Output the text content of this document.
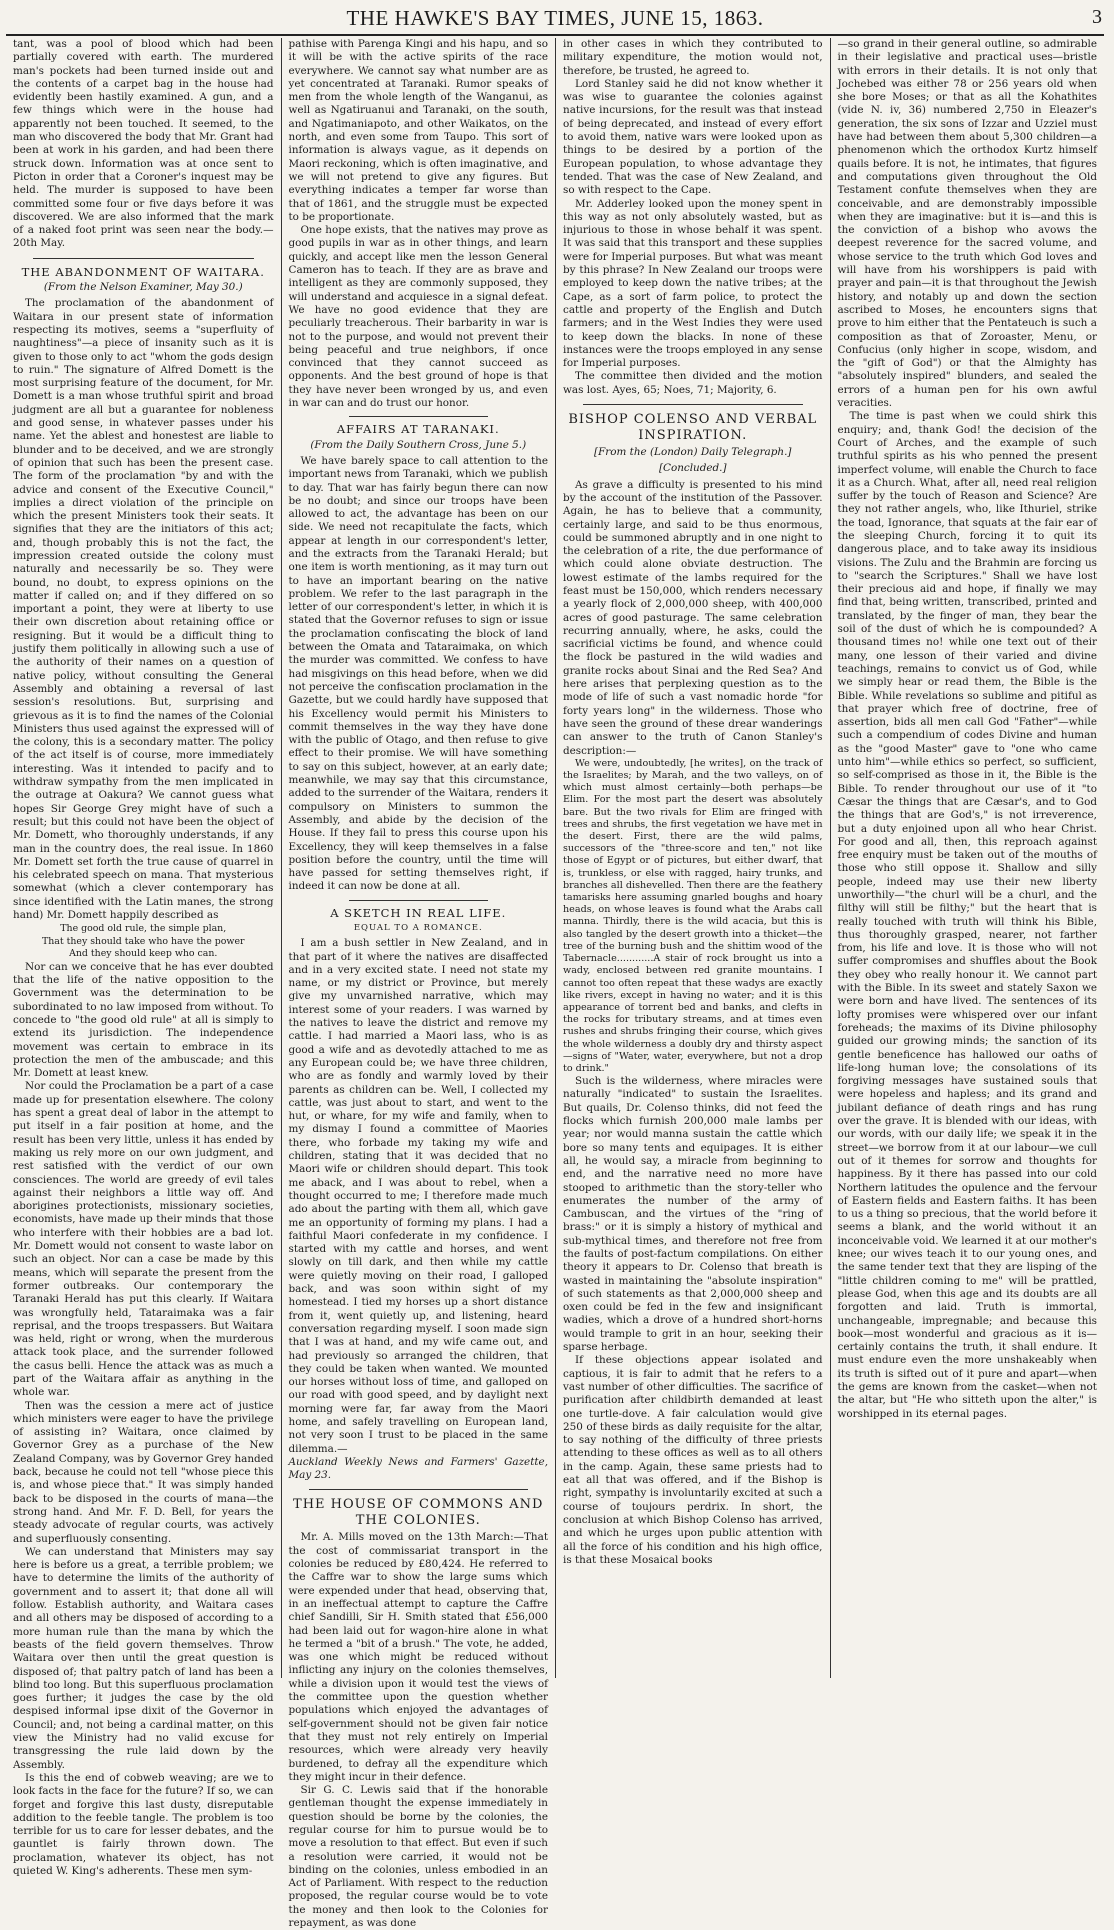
THE HAWKE'S BAY TIMES, JUNE 15, 1863.	3

tant, was a pool of blood which had been partially covered with earth. The murdered man's pockets had been turned inside out and the contents of a carpet bag in the house had evidently been hastily examined. A gun, and a few things which were in the house had apparently not been touched. It seemed, to the man who discovered the body that Mr. Grant had been at work in his garden, and had been there struck down. Information was at once sent to Picton in order that a Coroner's inquest may be held. The murder is supposed to have been committed some four or five days before it was discovered. We are also informed that the mark of a naked foot print was seen near the body.—20th May.

THE ABANDONMENT OF WAITARA.
(From the Nelson Examiner, May 30.)

The proclamation of the abandonment of Waitara in our present state of information respecting its motives, seems a "superfluity of naughtiness"—a piece of insanity such as it is given to those only to act "whom the gods design to ruin." The signature of Alfred Domett is the most surprising feature of the document, for Mr. Domett is a man whose truthful spirit and broad judgment are all but a guarantee for nobleness and good sense, in whatever passes under his name. Yet the ablest and honestest are liable to blunder and to be deceived, and we are strongly of opinion that such has been the present case. The form of the proclamation "by and with the advice and consent of the Executive Council," implies a direct violation of the principle on which the present Ministers took their seats. It signifies that they are the initiators of this act; and, though probably this is not the fact, the impression created outside the colony must naturally and necessarily be so. They were bound, no doubt, to express opinions on the matter if called on; and if they differed on so important a point, they were at liberty to use their own discretion about retaining office or resigning. But it would be a difficult thing to justify them politically in allowing such a use of the authority of their names on a question of native policy, without consulting the General Assembly and obtaining a reversal of last session's resolutions. But, surprising and grievous as it is to find the names of the Colonial Ministers thus used against the expressed will of the colony, this is a secondary matter. The policy of the act itself is of course, more immediately interesting. Was it intended to pacify and to withdraw sympathy from the men implicated in the outrage at Oakura? We cannot guess what hopes Sir George Grey might have of such a result; but this could not have been the object of Mr. Domett, who thoroughly understands, if any man in the country does, the real issue. In 1860 Mr. Domett set forth the true cause of quarrel in his celebrated speech on mana. That mysterious somewhat (which a clever contemporary has since identified with the Latin manes, the strong hand) Mr. Domett happily described as

The good old rule, the simple plan,
That they should take who have the power
And they should keep who can.

Nor can we conceive that he has ever doubted that the life of the native opposition to the Government was the determination to be subordinated to no law imposed from without. To concede to "the good old rule" at all is simply to extend its jurisdiction. The independence movement was certain to embrace in its protection the men of the ambuscade; and this Mr. Domett at least knew.

Nor could the Proclamation be a part of a case made up for presentation elsewhere. The colony has spent a great deal of labor in the attempt to put itself in a fair position at home, and the result has been very little, unless it has ended by making us rely more on our own judgment, and rest satisfied with the verdict of our own consciences. The world are greedy of evil tales against their neighbors a little way off. And aborigines protectionists, missionary societies, economists, have made up their minds that those who interfere with their hobbies are a bad lot. Mr. Domett would not consent to waste labor on such an object. Nor can a case be made by this means, which will separate the present from the former outbreaks. Our contemporary the Taranaki Herald has put this clearly. If Waitara was wrongfully held, Tataraimaka was a fair reprisal, and the troops trespassers. But Waitara was held, right or wrong, when the murderous attack took place, and the surrender followed the casus belli. Hence the attack was as much a part of the Waitara affair as anything in the whole war.

Then was the cession a mere act of justice which ministers were eager to have the privilege of assisting in? Waitara, once claimed by Governor Grey as a purchase of the New Zealand Company, was by Governor Grey handed back, because he could not tell "whose piece this is, and whose piece that." It was simply handed back to be disposed in the courts of mana—the strong hand. And Mr. F. D. Bell, for years the steady advocate of regular courts, was actively and superfluously consenting.

We can understand that Ministers may say here is before us a great, a terrible problem; we have to determine the limits of the authority of government and to assert it; that done all will follow. Establish authority, and Waitara cases and all others may be disposed of according to a more human rule than the mana by which the beasts of the field govern themselves. Throw Waitara over then until the great question is disposed of; that paltry patch of land has been a blind too long. But this superfluous proclamation goes further; it judges the case by the old despised informal ipse dixit of the Governor in Council; and, not being a cardinal matter, on this view the Ministry had no valid excuse for transgressing the rule laid down by the Assembly.

Is this the end of cobweb weaving; are we to look facts in the face for the future? If so, we can forget and forgive this last dusty, disreputable addition to the feeble tangle. The problem is too terrible for us to care for lesser debates, and the gauntlet is fairly thrown down. The proclamation, whatever its object, has not quieted W. King's adherents. These men sym-

pathise with Parenga Kingi and his hapu, and so it will be with the active spirits of the race everywhere. We cannot say what number are as yet concentrated at Taranaki. Rumor speaks of men from the whole length of the Wanganui, as well as Ngatiruanui and Taranaki, on the south, and Ngatimaniapoto, and other Waikatos, on the north, and even some from Taupo. This sort of information is always vague, as it depends on Maori reckoning, which is often imaginative, and we will not pretend to give any figures. But everything indicates a temper far worse than that of 1861, and the struggle must be expected to be proportionate.

One hope exists, that the natives may prove as good pupils in war as in other things, and learn quickly, and accept like men the lesson General Cameron has to teach. If they are as brave and intelligent as they are commonly supposed, they will understand and acquiesce in a signal defeat. We have no good evidence that they are peculiarly treacherous. Their barbarity in war is not to the purpose, and would not prevent their being peaceful and true neighbors, if once convinced that they cannot succeed as opponents. And the best ground of hope is that they have never been wronged by us, and even in war can and do trust our honor.

AFFAIRS AT TARANAKI.
(From the Daily Southern Cross, June 5.)

We have barely space to call attention to the important news from Taranaki, which we publish to day. That war has fairly begun there can now be no doubt; and since our troops have been allowed to act, the advantage has been on our side. We need not recapitulate the facts, which appear at length in our correspondent's letter, and the extracts from the Taranaki Herald; but one item is worth mentioning, as it may turn out to have an important bearing on the native problem. We refer to the last paragraph in the letter of our correspondent's letter, in which it is stated that the Governor refuses to sign or issue the proclamation confiscating the block of land between the Omata and Tataraimaka, on which the murder was committed. We confess to have had misgivings on this head before, when we did not perceive the confiscation proclamation in the Gazette, but we could hardly have supposed that his Excellency would permit his Ministers to commit themselves in the way they have done with the public of Otago, and then refuse to give effect to their promise. We will have something to say on this subject, however, at an early date; meanwhile, we may say that this circumstance, added to the surrender of the Waitara, renders it compulsory on Ministers to summon the Assembly, and abide by the decision of the House. If they fail to press this course upon his Excellency, they will keep themselves in a false position before the country, until the time will have passed for setting themselves right, if indeed it can now be done at all.

A SKETCH IN REAL LIFE.
EQUAL TO A ROMANCE.

I am a bush settler in New Zealand, and in that part of it where the natives are disaffected and in a very excited state. I need not state my name, or my district or Province, but merely give my unvarnished narrative, which may interest some of your readers. I was warned by the natives to leave the district and remove my cattle. I had married a Maori lass, who is as good a wife and as devotedly attached to me as any European could be; we have three children, who are as fondly and warmly loved by their parents as children can be. Well, I collected my cattle, was just about to start, and went to the hut, or whare, for my wife and family, when to my dismay I found a committee of Maories there, who forbade my taking my wife and children, stating that it was decided that no Maori wife or children should depart. This took me aback, and I was about to rebel, when a thought occurred to me; I therefore made much ado about the parting with them all, which gave me an opportunity of forming my plans. I had a faithful Maori confederate in my confidence. I started with my cattle and horses, and went slowly on till dark, and then while my cattle were quietly moving on their road, I galloped back, and was soon within sight of my homestead. I tied my horses up a short distance from it, went quietly up, and listening, heard conversation regarding myself. I soon made sign that I was at hand, and my wife came out, and had previously so arranged the children, that they could be taken when wanted. We mounted our horses without loss of time, and galloped on our road with good speed, and by daylight next morning were far, far away from the Maori home, and safely travelling on European land, not very soon I trust to be placed in the same dilemma.—

Auckland Weekly News and Farmers' Gazette, May 23.

THE HOUSE OF COMMONS AND THE COLONIES.

Mr. A. Mills moved on the 13th March:—That the cost of commissariat transport in the colonies be reduced by £80,424. He referred to the Caffre war to show the large sums which were expended under that head, observing that, in an ineffectual attempt to capture the Caffre chief Sandilli, Sir H. Smith stated that £56,000 had been laid out for wagon-hire alone in what he termed a "bit of a brush." The vote, he added, was one which might be reduced without inflicting any injury on the colonies themselves, while a division upon it would test the views of the committee upon the question whether populations which enjoyed the advantages of self-government should not be given fair notice that they must not rely entirely on Imperial resources, which were already very heavily burdened, to defray all the expenditure which they might incur in their defence.

Sir G. C. Lewis said that if the honorable gentleman thought the expense immediately in question should be borne by the colonies, the regular course for him to pursue would be to move a resolution to that effect. But even if such a resolution were carried, it would not be binding on the colonies, unless embodied in an Act of Parliament. With respect to the reduction proposed, the regular course would be to vote the money and then look to the Colonies for repayment, as was done

in other cases in which they contributed to military expenditure, the motion would not, therefore, be trusted, he agreed to.

Lord Stanley said he did not know whether it was wise to guarantee the colonies against native incursions, for the result was that instead of being deprecated, and instead of every effort to avoid them, native wars were looked upon as things to be desired by a portion of the European population, to whose advantage they tended. That was the case of New Zealand, and so with respect to the Cape.

Mr. Adderley looked upon the money spent in this way as not only absolutely wasted, but as injurious to those in whose behalf it was spent. It was said that this transport and these supplies were for Imperial purposes. But what was meant by this phrase? In New Zealand our troops were employed to keep down the native tribes; at the Cape, as a sort of farm police, to protect the cattle and property of the English and Dutch farmers; and in the West Indies they were used to keep down the blacks. In none of these instances were the troops employed in any sense for Imperial purposes.

The committee then divided and the motion was lost. Ayes, 65; Noes, 71; Majority, 6.

BISHOP COLENSO AND VERBAL INSPIRATION.
[From the (London) Daily Telegraph.]
[Concluded.]

As grave a difficulty is presented to his mind by the account of the institution of the Passover. Again, he has to believe that a community, certainly large, and said to be thus enormous, could be summoned abruptly and in one night to the celebration of a rite, the due performance of which could alone obviate destruction. The lowest estimate of the lambs required for the feast must be 150,000, which renders necessary a yearly flock of 2,000,000 sheep, with 400,000 acres of good pasturage. The same celebration recurring annually, where, he asks, could the sacrificial victims be found, and whence could the flock be pastured in the wild wadies and granite rocks about Sinai and the Red Sea? And here arises that perplexing question as to the mode of life of such a vast nomadic horde "for forty years long" in the wilderness. Those who have seen the ground of these drear wanderings can answer to the truth of Canon Stanley's description:—

We were, undoubtedly, [he writes], on the track of the Israelites; by Marah, and the two valleys, on of which must almost certainly—both perhaps—be Elim. For the most part the desert was absolutely bare. But the two rivals for Elim are fringed with trees and shrubs, the first vegetation we have met in the desert. First, there are the wild palms, successors of the "three-score and ten," not like those of Egypt or of pictures, but either dwarf, that is, trunkless, or else with ragged, hairy trunks, and branches all dishevelled. Then there are the feathery tamarisks here assuming gnarled boughs and hoary heads, on whose leaves is found what the Arabs call manna. Thirdly, there is the wild acacia, but this is also tangled by the desert growth into a thicket—the tree of the burning bush and the shittim wood of the Tabernacle............A stair of rock brought us into a wady, enclosed between red granite mountains. I cannot too often repeat that these wadys are exactly like rivers, except in having no water; and it is this appearance of torrent bed and banks, and clefts in the rocks for tributary streams, and at times even rushes and shrubs fringing their course, which gives the whole wilderness a doubly dry and thirsty aspect—signs of "Water, water, everywhere, but not a drop to drink."

Such is the wilderness, where miracles were naturally "indicated" to sustain the Israelites. But quails, Dr. Colenso thinks, did not feed the flocks which furnish 200,000 male lambs per year; nor would manna sustain the cattle which bore so many tents and equipages. It is either all, he would say, a miracle from beginning to end, and the narrative need no more have stooped to arithmetic than the story-teller who enumerates the number of the army of Cambuscan, and the virtues of the "ring of brass:" or it is simply a history of mythical and sub-mythical times, and therefore not free from the faults of post-factum compilations. On either theory it appears to Dr. Colenso that breath is wasted in maintaining the "absolute inspiration" of such statements as that 2,000,000 sheep and oxen could be fed in the few and insignificant wadies, which a drove of a hundred short-horns would trample to grit in an hour, seeking their sparse herbage.

If these objections appear isolated and captious, it is fair to admit that he refers to a vast number of other difficulties. The sacrifice of purification after childbirth demanded at least one turtle-dove. A fair calculation would give 250 of these birds as daily requisite for the altar, to say nothing of the difficulty of three priests attending to these offices as well as to all others in the camp. Again, these same priests had to eat all that was offered, and if the Bishop is right, sympathy is involuntarily excited at such a course of toujours perdrix. In short, the conclusion at which Bishop Colenso has arrived, and which he urges upon public attention with all the force of his condition and his high office, is that these Mosaical books

—so grand in their general outline, so admirable in their legislative and practical uses—bristle with errors in their details. It is not only that Jochebed was either 78 or 256 years old when she bore Moses; or that as all the Kohathites (vide N. iv, 36) numbered 2,750 in Eleazer's generation, the six sons of Izzar and Uzziel must have had between them about 5,300 children—a phenomenon which the orthodox Kurtz himself quails before. It is not, he intimates, that figures and computations given throughout the Old Testament confute themselves when they are conceivable, and are demonstrably impossible when they are imaginative: but it is—and this is the conviction of a bishop who avows the deepest reverence for the sacred volume, and whose service to the truth which God loves and will have from his worshippers is paid with prayer and pain—it is that throughout the Jewish history, and notably up and down the section ascribed to Moses, he encounters signs that prove to him either that the Pentateuch is such a composition as that of Zoroaster, Menu, or Confucius (only higher in scope, wisdom, and the "gift of God") or that the Almighty has "absolutely inspired" blunders, and sealed the errors of a human pen for his own awful veracities.

The time is past when we could shirk this enquiry; and, thank God! the decision of the Court of Arches, and the example of such truthful spirits as his who penned the present imperfect volume, will enable the Church to face it as a Church. What, after all, need real religion suffer by the touch of Reason and Science? Are they not rather angels, who, like Ithuriel, strike the toad, Ignorance, that squats at the fair ear of the sleeping Church, forcing it to quit its dangerous place, and to take away its insidious visions. The Zulu and the Brahmin are forcing us to "search the Scriptures." Shall we have lost their precious aid and hope, if finally we may find that, being written, transcribed, printed and translated, by the finger of man, they bear the soil of the dust of which he is compounded? A thousand times no! while one text out of their many, one lesson of their varied and divine teachings, remains to convict us of God, while we simply hear or read them, the Bible is the Bible. While revelations so sublime and pitiful as that prayer which free of doctrine, free of assertion, bids all men call God "Father"—while such a compendium of codes Divine and human as the "good Master" gave to "one who came unto him"—while ethics so perfect, so sufficient, so self-comprised as those in it, the Bible is the Bible. To render throughout our use of it "to Cæsar the things that are Cæsar's, and to God the things that are God's," is not irreverence, but a duty enjoined upon all who hear Christ. For good and all, then, this reproach against free enquiry must be taken out of the mouths of those who still oppose it. Shallow and silly people, indeed may use their new liberty unworthily—"the churl will be a churl, and the filthy will still be filthy;" but the heart that is really touched with truth will think his Bible, thus thoroughly grasped, nearer, not farther from, his life and love. It is those who will not suffer compromises and shuffles about the Book they obey who really honour it. We cannot part with the Bible. In its sweet and stately Saxon we were born and have lived. The sentences of its lofty promises were whispered over our infant foreheads; the maxims of its Divine philosophy guided our growing minds; the sanction of its gentle beneficence has hallowed our oaths of life-long human love; the consolations of its forgiving messages have sustained souls that were hopeless and hapless; and its grand and jubilant defiance of death rings and has rung over the grave. It is blended with our ideas, with our words, with our daily life; we speak it in the street—we borrow from it at our labour—we cull out of it themes for sorrow and thoughts for happiness. By it there has passed into our cold Northern latitudes the opulence and the fervour of Eastern fields and Eastern faiths. It has been to us a thing so precious, that the world before it seems a blank, and the world without it an inconceivable void. We learned it at our mother's knee; our wives teach it to our young ones, and the same tender text that they are lisping of the "little children coming to me" will be prattled, please God, when this age and its doubts are all forgotten and laid. Truth is immortal, unchangeable, impregnable; and because this book—most wonderful and gracious as it is—certainly contains the truth, it shall endure. It must endure even the more unshakeably when its truth is sifted out of it pure and apart—when the gems are known from the casket—when not the altar, but "He who sitteth upon the alter," is worshipped in its eternal pages.
